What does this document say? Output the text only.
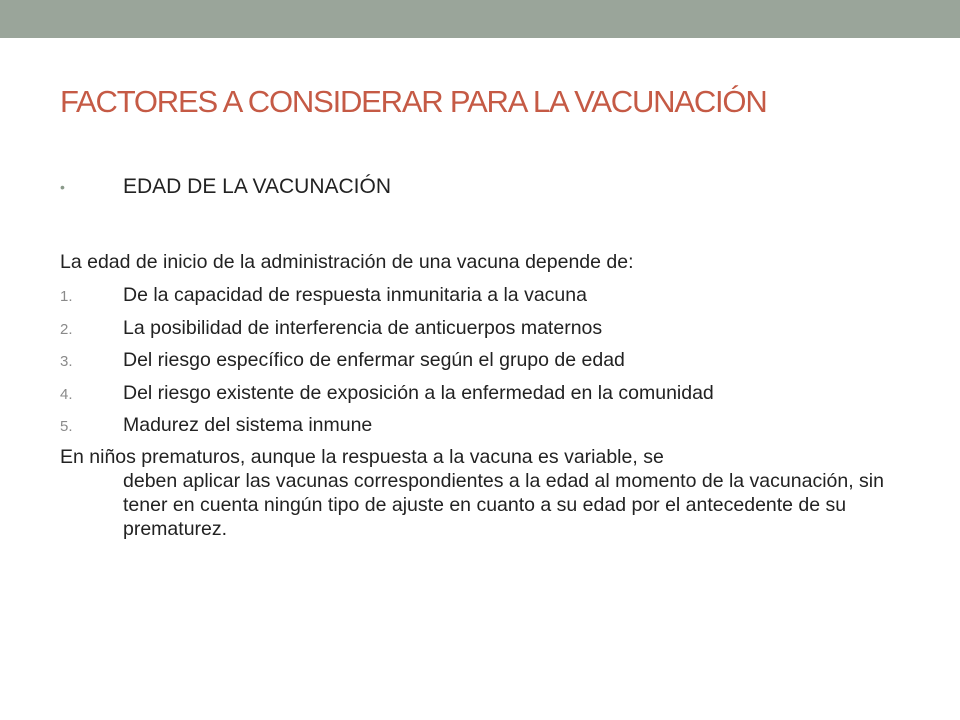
FACTORES A CONSIDERAR PARA LA VACUNACIÓN
•	EDAD DE LA VACUNACIÓN
La edad de inicio de la administración de una vacuna depende de:
1.	De la capacidad de respuesta inmunitaria a la vacuna
2.	La posibilidad de interferencia de anticuerpos maternos
3.	Del riesgo específico de enfermar según el grupo de edad
4.	Del riesgo existente de exposición a la enfermedad en la comunidad
5.	Madurez del sistema inmune
En niños prematuros, aunque la respuesta a la vacuna es variable, se
deben aplicar las vacunas correspondientes a la edad al momento de la vacunación, sin tener en cuenta ningún tipo de ajuste en cuanto a su edad por el antecedente de su prematurez.
